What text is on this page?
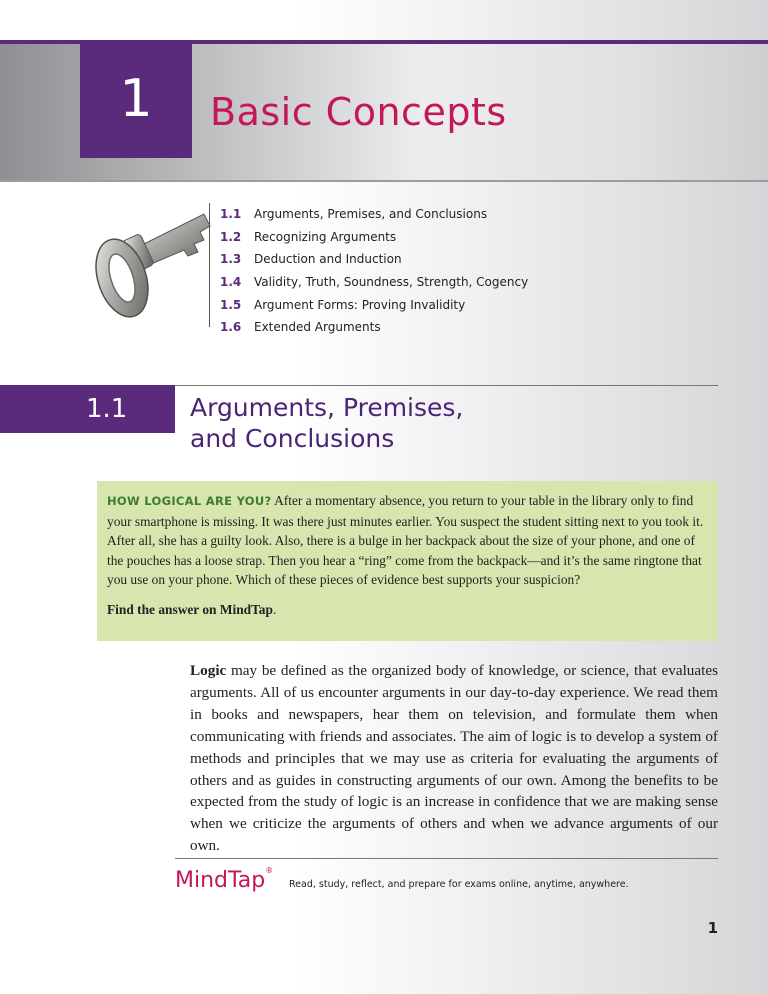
1	Basic Concepts
1.1	Arguments, Premises, and Conclusions
1.2	Recognizing Arguments
1.3	Deduction and Induction
1.4	Validity, Truth, Soundness, Strength, Cogency
1.5	Argument Forms: Proving Invalidity
1.6	Extended Arguments
1.1	Arguments, Premises,
and Conclusions
HOW LOGICAL ARE YOU? After a momentary absence, you return to your table in the library only to find your smartphone is missing. It was there just minutes earlier. You suspect the student sitting next to you took it. After all, she has a guilty look. Also, there is a bulge in her backpack about the size of your phone, and one of the pouches has a loose strap. Then you hear a “ring” come from the backpack—and it’s the same ringtone that you use on your phone. Which of these pieces of evidence best supports your suspicion?
Find the answer on MindTap.
Logic may be defined as the organized body of knowledge, or science, that evaluates arguments. All of us encounter arguments in our day-to-day experience. We read them in books and newspapers, hear them on television, and formulate them when communicating with friends and associates. The aim of logic is to develop a system of methods and principles that we may use as criteria for evaluating the arguments of others and as guides in constructing arguments of our own. Among the benefits to be expected from the study of logic is an increase in confidence that we are making sense when we criticize the arguments of others and when we advance arguments of our own.
MindTap®
Read, study, reflect, and prepare for exams online, anytime, anywhere.
1
